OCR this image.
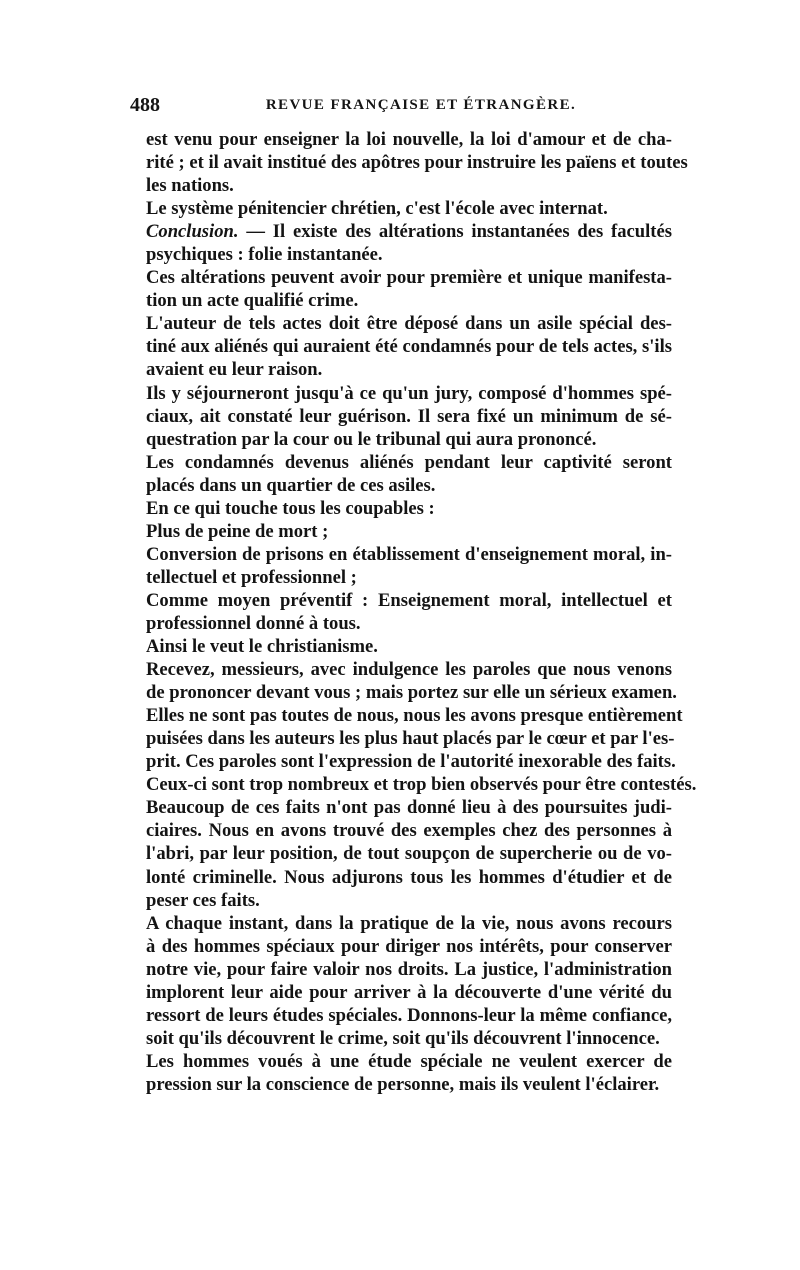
488	REVUE FRANÇAISE ET ÉTRANGÈRE.
est venu pour enseigner la loi nouvelle, la loi d'amour et de cha-
rité ; et il avait institué des apôtres pour instruire les païens et toutes
les nations.
Le système pénitencier chrétien, c'est l'école avec internat.
Conclusion. — Il existe des altérations instantanées des facultés
psychiques : folie instantanée.
Ces altérations peuvent avoir pour première et unique manifesta-
tion un acte qualifié crime.
L'auteur de tels actes doit être déposé dans un asile spécial des-
tiné aux aliénés qui auraient été condamnés pour de tels actes, s'ils
avaient eu leur raison.
Ils y séjourneront jusqu'à ce qu'un jury, composé d'hommes spé-
ciaux, ait constaté leur guérison. Il sera fixé un minimum de sé-
questration par la cour ou le tribunal qui aura prononcé.
Les condamnés devenus aliénés pendant leur captivité seront
placés dans un quartier de ces asiles.
En ce qui touche tous les coupables :
Plus de peine de mort ;
Conversion de prisons en établissement d'enseignement moral, in-
tellectuel et professionnel ;
Comme moyen préventif : Enseignement moral, intellectuel et
professionnel donné à tous.
Ainsi le veut le christianisme.
Recevez, messieurs, avec indulgence les paroles que nous venons
de prononcer devant vous ; mais portez sur elle un sérieux examen.
Elles ne sont pas toutes de nous, nous les avons presque entièrement
puisées dans les auteurs les plus haut placés par le cœur et par l'es-
prit. Ces paroles sont l'expression de l'autorité inexorable des faits.
Ceux-ci sont trop nombreux et trop bien observés pour être contestés.
Beaucoup de ces faits n'ont pas donné lieu à des poursuites judi-
ciaires. Nous en avons trouvé des exemples chez des personnes à
l'abri, par leur position, de tout soupçon de supercherie ou de vo-
lonté criminelle. Nous adjurons tous les hommes d'étudier et de
peser ces faits.
A chaque instant, dans la pratique de la vie, nous avons recours
à des hommes spéciaux pour diriger nos intérêts, pour conserver
notre vie, pour faire valoir nos droits. La justice, l'administration
implorent leur aide pour arriver à la découverte d'une vérité du
ressort de leurs études spéciales. Donnons-leur la même confiance,
soit qu'ils découvrent le crime, soit qu'ils découvrent l'innocence.
Les hommes voués à une étude spéciale ne veulent exercer de
pression sur la conscience de personne, mais ils veulent l'éclairer.
